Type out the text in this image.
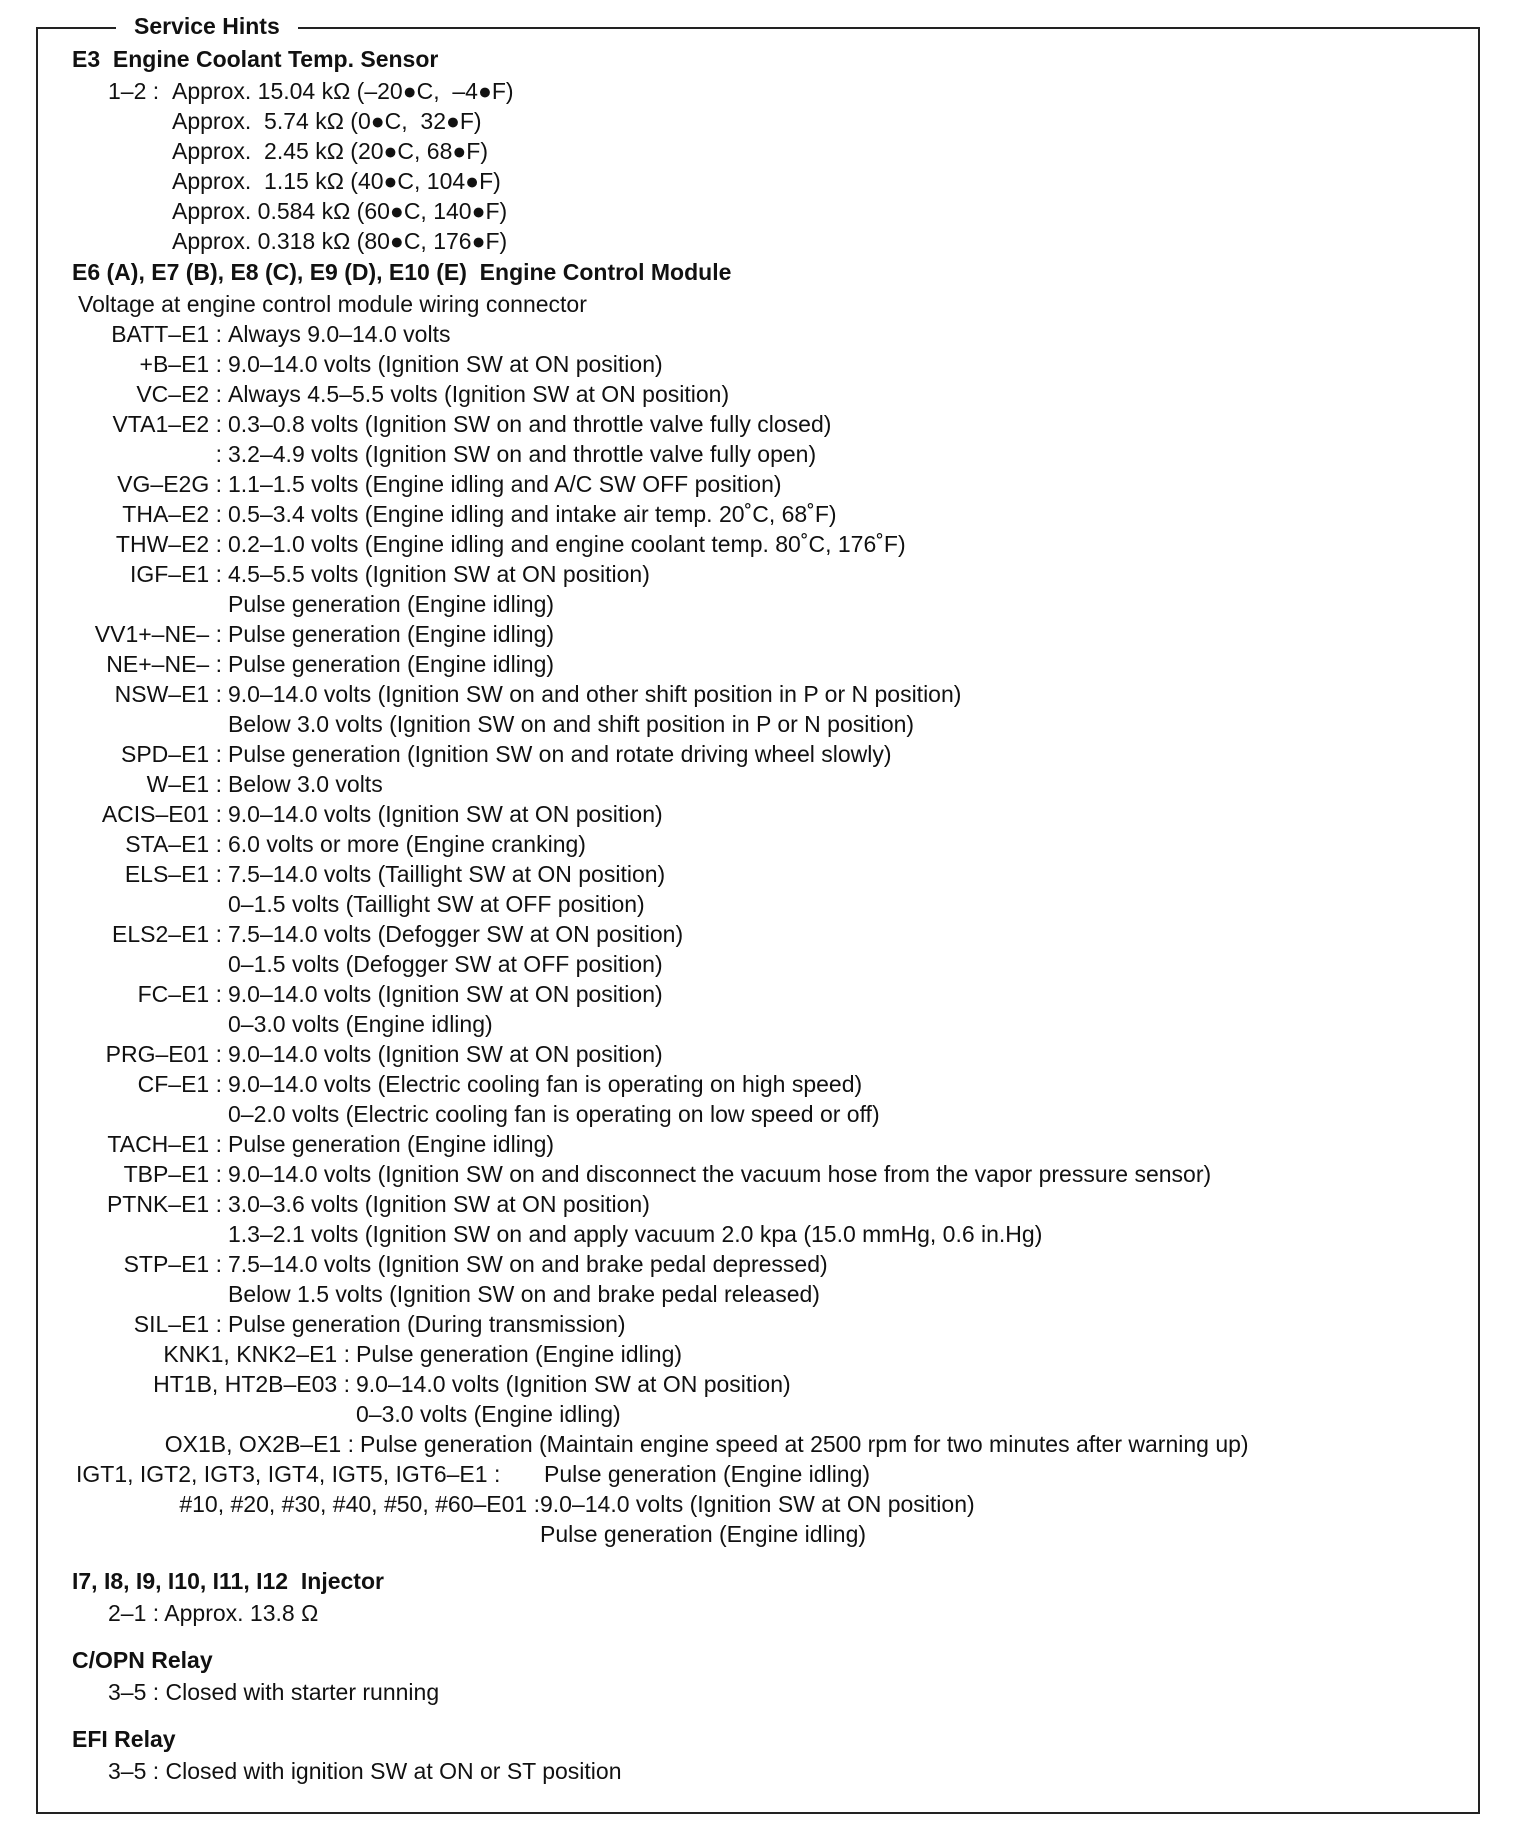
Service Hints
E3  Engine Coolant Temp. Sensor

1–2 :

Approx. 15.04 kΩ (–20●C,  –4●F)

Approx.  5.74 kΩ (0●C,  32●F)
Approx.  2.45 kΩ (20●C, 68●F)
Approx.  1.15 kΩ (40●C, 104●F)
Approx. 0.584 kΩ (60●C, 140●F)
Approx. 0.318 kΩ (80●C, 176●F)
E6 (A), E7 (B), E8 (C), E9 (D), E10 (E)  Engine Control Module
Voltage at engine control module wiring connector
BATT–E1 : Always 9.0–14.0 volts
+B–E1 : 9.0–14.0 volts (Ignition SW at ON position)
VC–E2 : Always 4.5–5.5 volts (Ignition SW at ON position)
VTA1–E2 : 0.3–0.8 volts (Ignition SW on and throttle valve fully closed)
: 3.2–4.9 volts (Ignition SW on and throttle valve fully open)
VG–E2G : 1.1–1.5 volts (Engine idling and A/C SW OFF position)
THA–E2 : 0.5–3.4 volts (Engine idling and intake air temp. 20˚C, 68˚F)
THW–E2 : 0.2–1.0 volts (Engine idling and engine coolant temp. 80˚C, 176˚F)
IGF–E1 : 4.5–5.5 volts (Ignition SW at ON position)
Pulse generation (Engine idling)
VV1+–NE– : Pulse generation (Engine idling)
NE+–NE– : Pulse generation (Engine idling)
NSW–E1 : 9.0–14.0 volts (Ignition SW on and other shift position in P or N position)
Below 3.0 volts (Ignition SW on and shift position in P or N position)
SPD–E1 : Pulse generation (Ignition SW on and rotate driving wheel slowly)
W–E1 : Below 3.0 volts
ACIS–E01 : 9.0–14.0 volts (Ignition SW at ON position)
STA–E1 : 6.0 volts or more (Engine cranking)
ELS–E1 : 7.5–14.0 volts (Taillight SW at ON position)
0–1.5 volts (Taillight SW at OFF position)
ELS2–E1 : 7.5–14.0 volts (Defogger SW at ON position)
0–1.5 volts (Defogger SW at OFF position)
FC–E1 : 9.0–14.0 volts (Ignition SW at ON position)
0–3.0 volts (Engine idling)
PRG–E01 : 9.0–14.0 volts (Ignition SW at ON position)
CF–E1 : 9.0–14.0 volts (Electric cooling fan is operating on high speed)
0–2.0 volts (Electric cooling fan is operating on low speed or off)
TACH–E1 : Pulse generation (Engine idling)
TBP–E1 : 9.0–14.0 volts (Ignition SW on and disconnect the vacuum hose from the vapor pressure sensor)
PTNK–E1 : 3.0–3.6 volts (Ignition SW at ON position)
1.3–2.1 volts (Ignition SW on and apply vacuum 2.0 kpa (15.0 mmHg, 0.6 in.Hg)
STP–E1 : 7.5–14.0 volts (Ignition SW on and brake pedal depressed)
Below 1.5 volts (Ignition SW on and brake pedal released)
SIL–E1 : Pulse generation (During transmission)
KNK1, KNK2–E1 : Pulse generation (Engine idling)
HT1B, HT2B–E03 : 9.0–14.0 volts (Ignition SW at ON position)
0–3.0 volts (Engine idling)

OX1B, OX2B–E1 :

Pulse generation (Maintain engine speed at 2500 rpm for two minutes after warning up)

IGT1, IGT2, IGT3, IGT4, IGT5, IGT6–E1 :

Pulse generation (Engine idling)

#10, #20, #30, #40, #50, #60–E01 :

9.0–14.0 volts (Ignition SW at ON position)

Pulse generation (Engine idling)

I7, I8, I9, I10, I11, I12  Injector
2–1 : Approx. 13.8 Ω
C/OPN Relay
3–5 : Closed with starter running
EFI Relay
3–5 : Closed with ignition SW at ON or ST position
